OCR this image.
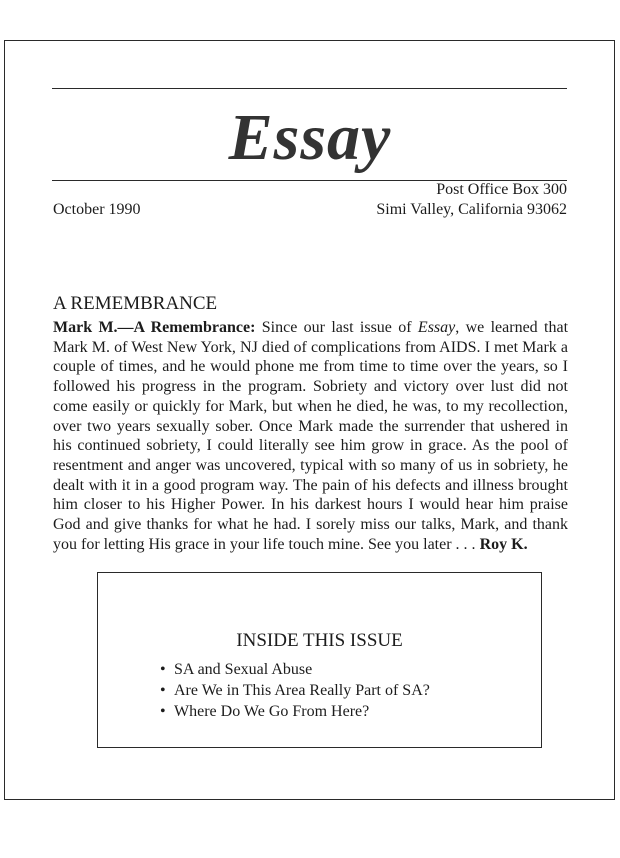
Essay
October 1990
Post Office Box 300
Simi Valley, California 93062
A REMEMBRANCE

Mark M.—A Remembrance: Since our last issue of Essay, we learned that Mark M. of West New York, NJ died of complications from AIDS. I met Mark a couple of times, and he would phone me from time to time over the years, so I followed his progress in the program. Sobriety and victory over lust did not come easily or quickly for Mark, but when he died, he was, to my recollection, over two years sexually sober. Once Mark made the surrender that ushered in his continued sobriety, I could literally see him grow in grace. As the pool of resentment and anger was uncovered, typical with so many of us in sobriety, he dealt with it in a good program way. The pain of his defects and illness brought him closer to his Higher Power. In his darkest hours I would hear him praise God and give thanks for what he had. I sorely miss our talks, Mark, and thank you for letting His grace in your life touch mine. See you later . . . Roy K.

INSIDE THIS ISSUE
• SA and Sexual Abuse
• Are We in This Area Really Part of SA?
• Where Do We Go From Here?
